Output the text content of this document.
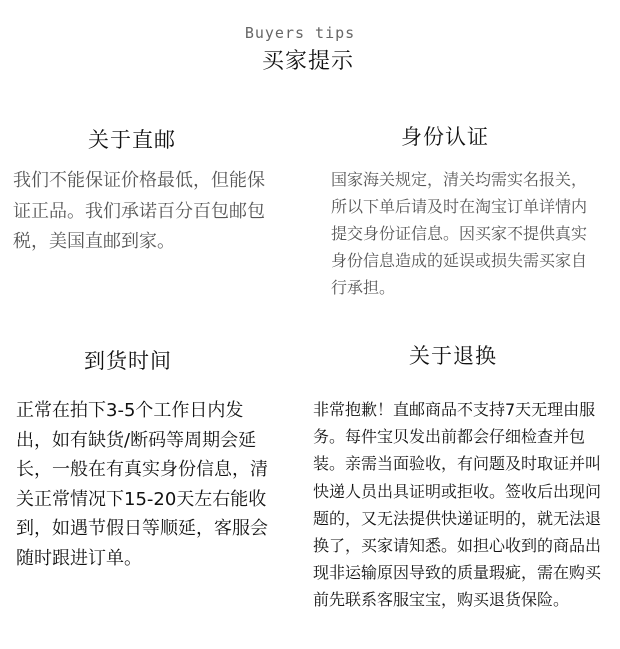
Buyers tips
买家提示
关于直邮

我们不能保证价格最低，但能保证正品。我们承诺百分百包邮包税，美国直邮到家。

身份认证

国家海关规定，清关均需实名报关，所以下单后请及时在淘宝订单详情内提交身份证信息。因买家不提供真实身份信息造成的延误或损失需买家自行承担。

到货时间

正常在拍下3-5个工作日内发出，如有缺货/断码等周期会延长，一般在有真实身份信息，清关正常情况下15-20天左右能收到，如遇节假日等顺延，客服会随时跟进订单。

关于退换

非常抱歉！直邮商品不支持7天无理由服务。每件宝贝发出前都会仔细检查并包装。亲需当面验收，有问题及时取证并叫快递人员出具证明或拒收。签收后出现问题的，又无法提供快递证明的，就无法退换了，买家请知悉。如担心收到的商品出现非运输原因导致的质量瑕疵，需在购买前先联系客服宝宝，购买退货保险。
